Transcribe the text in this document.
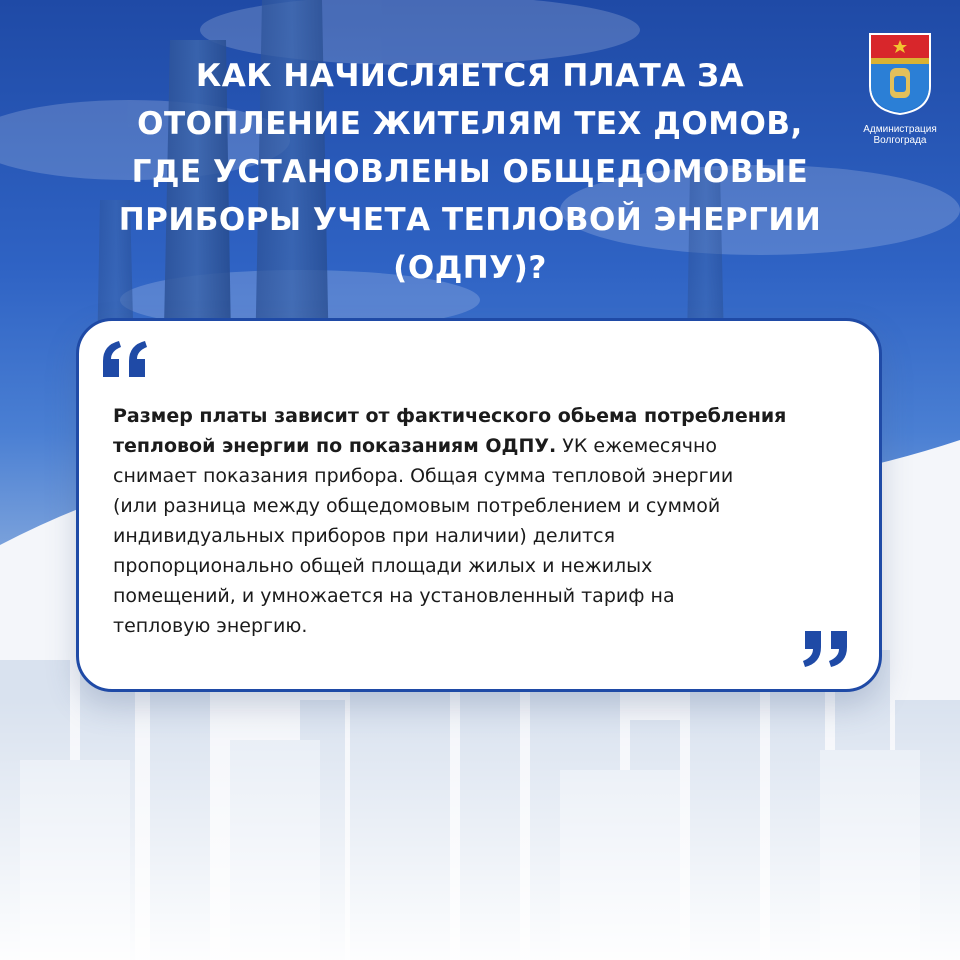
КАК НАЧИСЛЯЕТСЯ ПЛАТА ЗА
ОТОПЛЕНИЕ ЖИТЕЛЯМ ТЕХ ДОМОВ,
ГДЕ УСТАНОВЛЕНЫ ОБЩЕДОМОВЫЕ
ПРИБОРЫ УЧЕТА ТЕПЛОВОЙ ЭНЕРГИИ
(ОДПУ)?
Администрация
Волгограда
Размер платы зависит от фактического обьема потребления
тепловой энергии по показаниям ОДПУ. УК ежемесячно
снимает показания прибора. Общая сумма тепловой энергии
(или разница между общедомовым потреблением и суммой
индивидуальных приборов при наличии) делится
пропорционально общей площади жилых и нежилых
помещений, и умножается на установленный тариф на
тепловую энергию.
